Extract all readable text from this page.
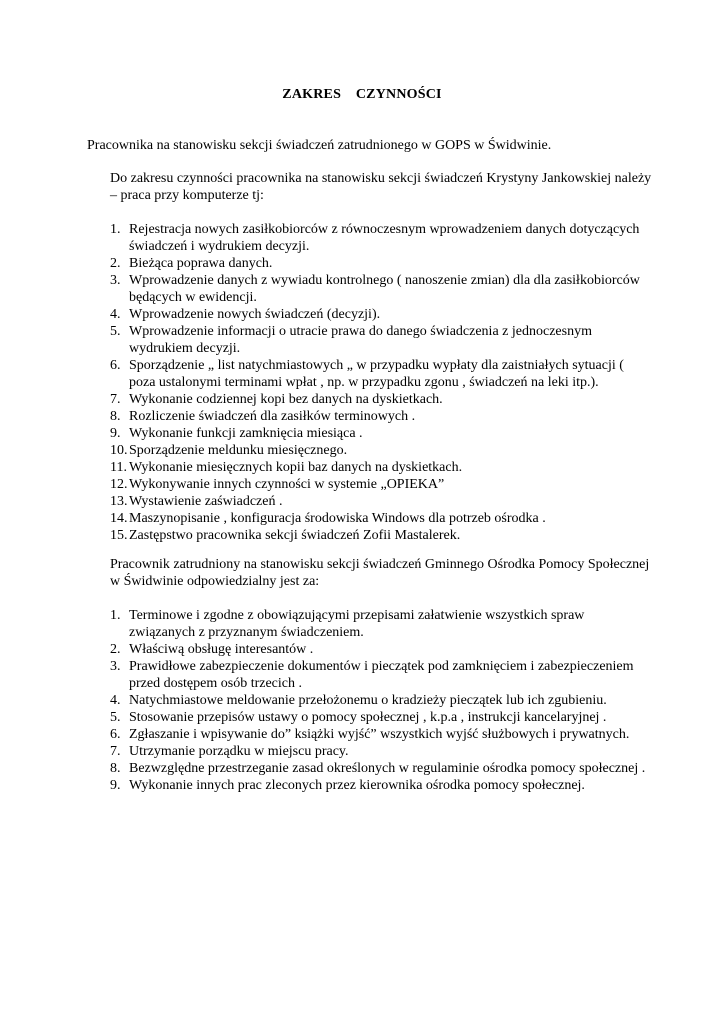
ZAKRES    CZYNNOŚCI
Pracownika na stanowisku sekcji świadczeń zatrudnionego w GOPS w Świdwinie.
Do zakresu czynności pracownika na stanowisku sekcji świadczeń Krystyny Jankowskiej należy – praca przy komputerze tj:
1. Rejestracja nowych zasiłkobiorców z równoczesnym wprowadzeniem danych dotyczących świadczeń i wydrukiem decyzji.
2. Bieżąca poprawa danych.
3. Wprowadzenie danych z wywiadu kontrolnego ( nanoszenie zmian) dla dla zasiłkobiorców będących w ewidencji.
4. Wprowadzenie nowych świadczeń (decyzji).
5. Wprowadzenie informacji o utracie prawa do danego świadczenia z jednoczesnym wydrukiem decyzji.
6. Sporządzenie „ list natychmiastowych „ w przypadku wypłaty dla zaistniałych sytuacji ( poza ustalonymi terminami wpłat , np. w przypadku zgonu , świadczeń na leki itp.).
7. Wykonanie codziennej kopi bez danych na dyskietkach.
8. Rozliczenie świadczeń dla zasiłków terminowych .
9. Wykonanie funkcji zamknięcia miesiąca .
10. Sporządzenie meldunku miesięcznego.
11. Wykonanie miesięcznych kopii baz danych na dyskietkach.
12. Wykonywanie innych czynności w systemie „OPIEKA”
13. Wystawienie zaświadczeń .
14. Maszynopisanie , konfiguracja środowiska Windows dla potrzeb ośrodka .
15. Zastępstwo pracownika sekcji świadczeń Zofii Mastalerek.
Pracownik zatrudniony na stanowisku sekcji świadczeń Gminnego Ośrodka Pomocy Społecznej w Świdwinie odpowiedzialny jest za:
1. Terminowe i zgodne z obowiązującymi przepisami załatwienie wszystkich spraw związanych z przyznanym świadczeniem.
2. Właściwą obsługę interesantów .
3. Prawidłowe zabezpieczenie dokumentów i pieczątek pod zamknięciem i zabezpieczeniem przed dostępem osób trzecich .
4. Natychmiastowe meldowanie przełożonemu o kradzieży pieczątek lub ich zgubieniu.
5. Stosowanie przepisów ustawy o pomocy społecznej , k.p.a , instrukcji kancelaryjnej .
6. Zgłaszanie i wpisywanie do” książki wyjść” wszystkich wyjść służbowych i prywatnych.
7. Utrzymanie porządku w miejscu pracy.
8. Bezwzględne przestrzeganie zasad określonych w regulaminie ośrodka pomocy społecznej .
9. Wykonanie innych prac zleconych przez kierownika ośrodka pomocy społecznej.
